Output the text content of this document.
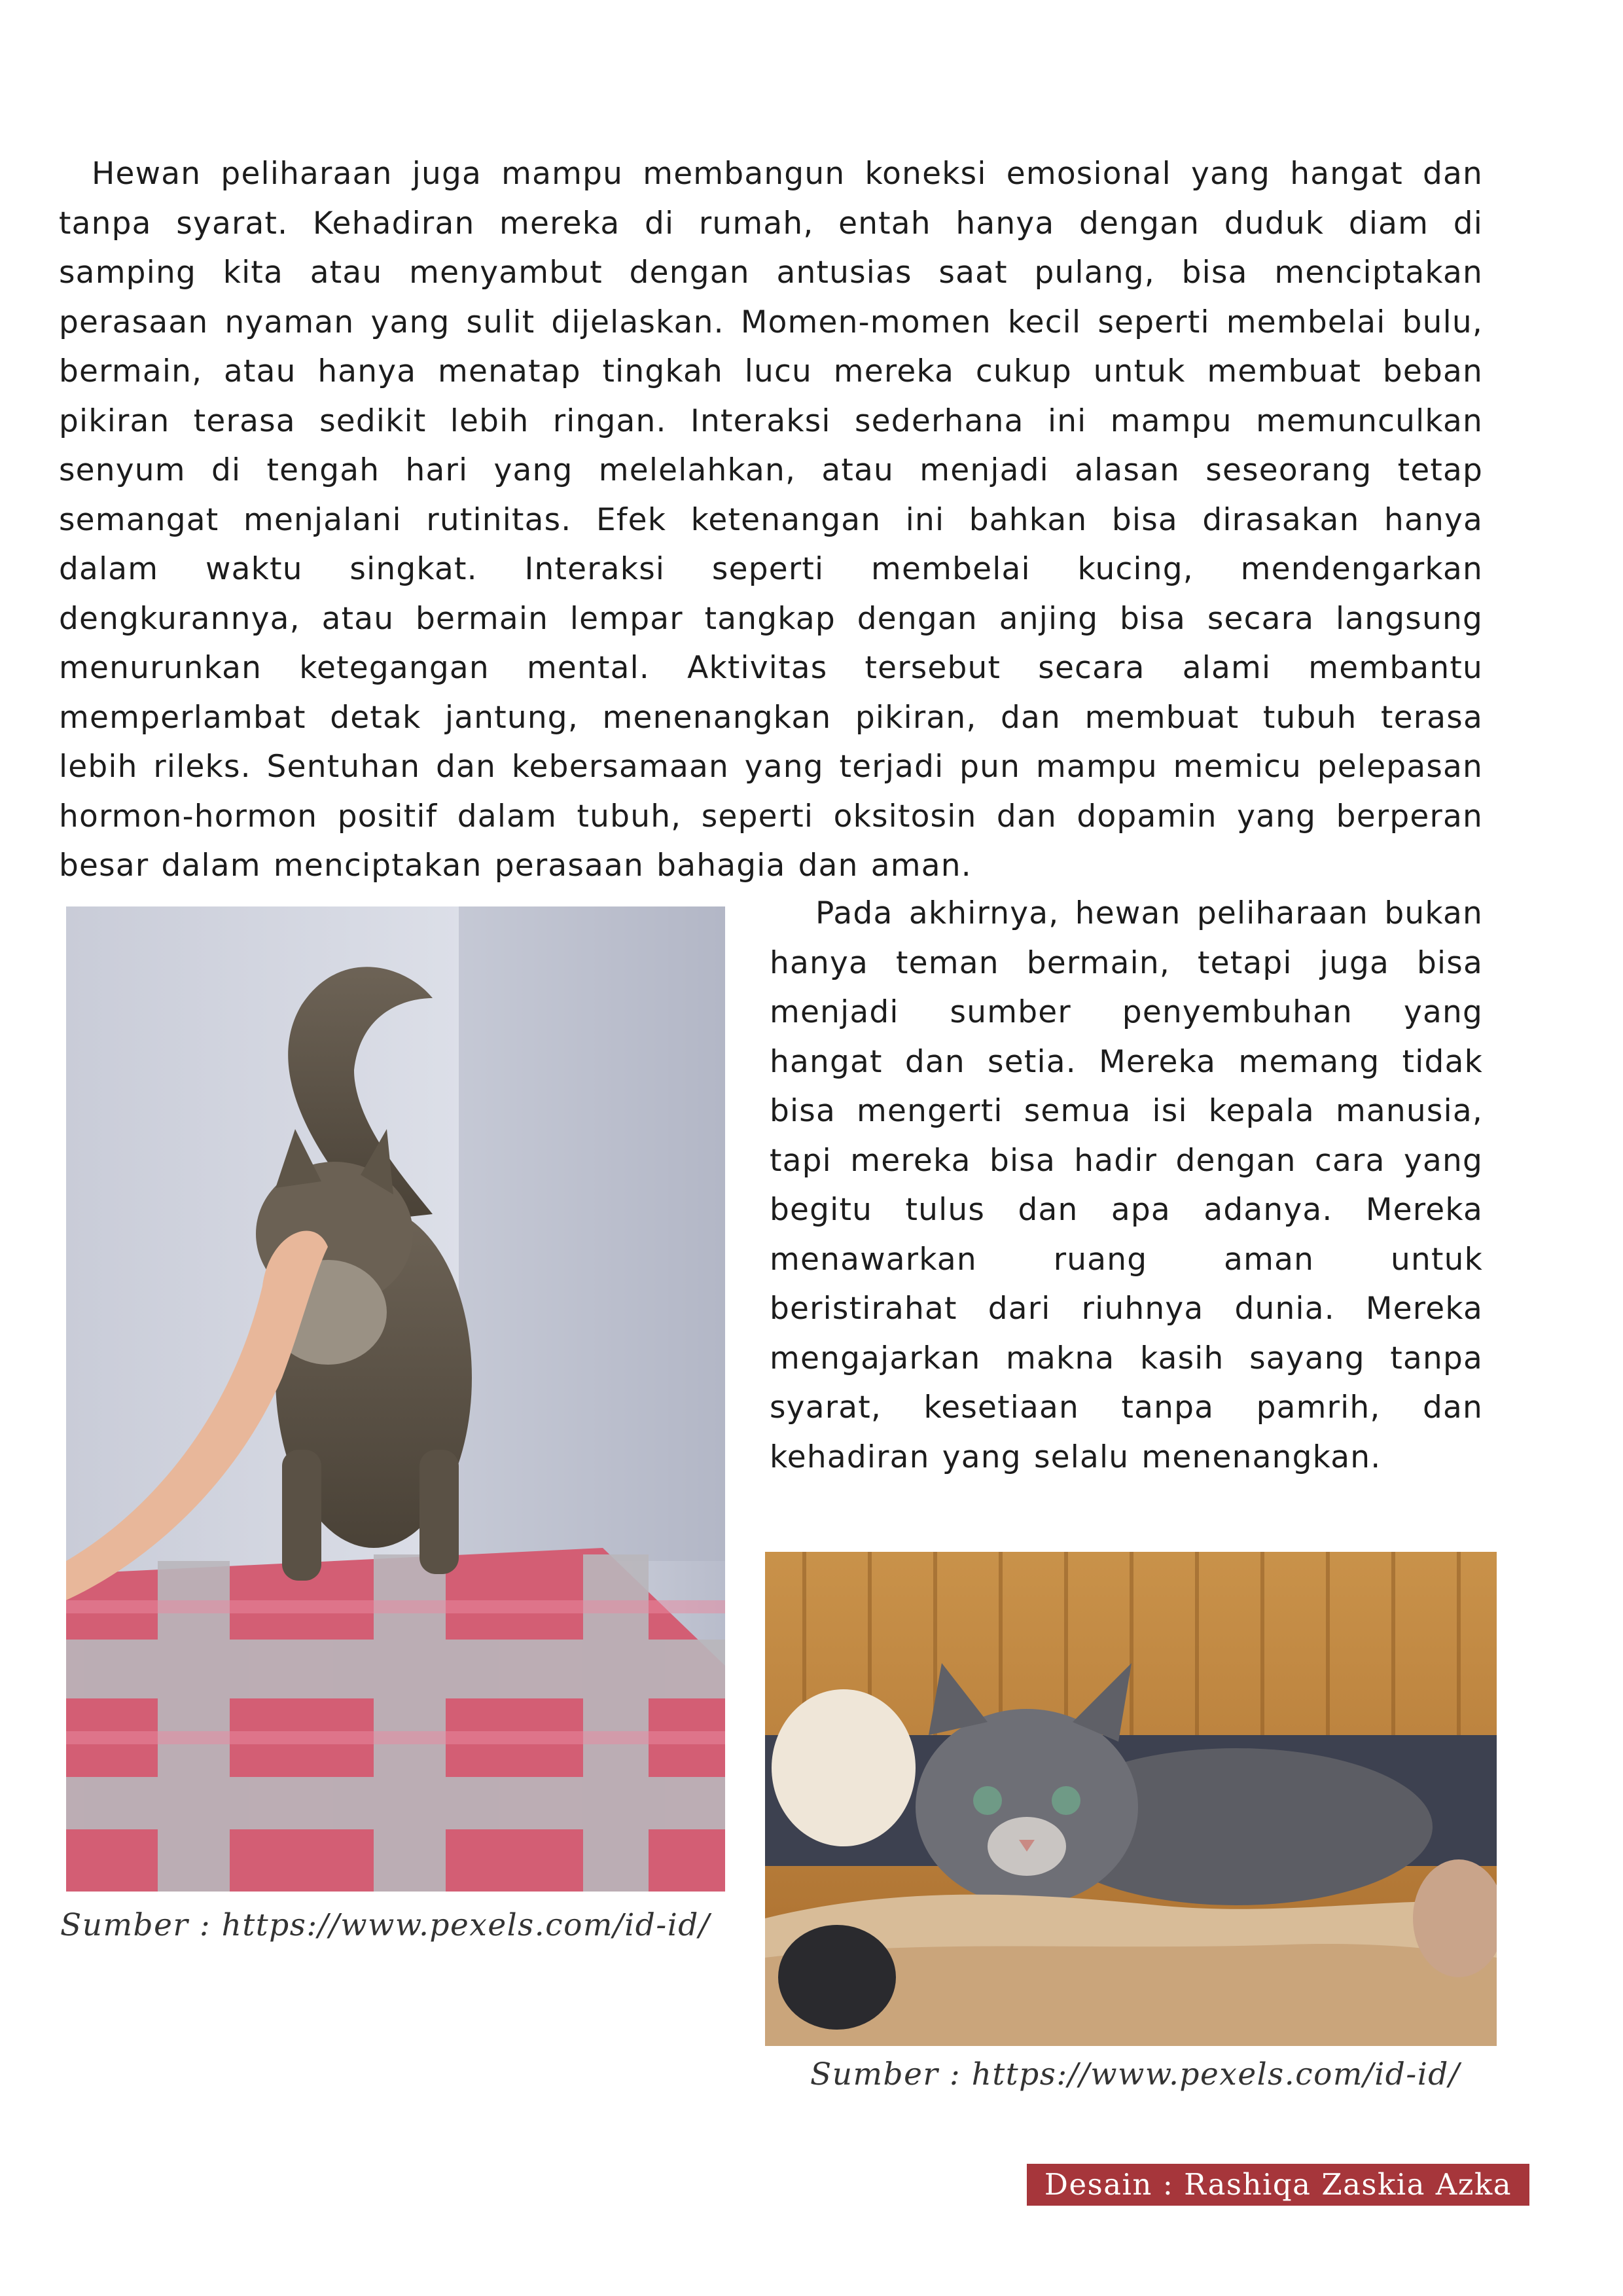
Hewan peliharaan juga mampu membangun koneksi emosional yang hangat dan tanpa syarat. Kehadiran mereka di rumah, entah hanya dengan duduk diam di samping kita atau menyambut dengan antusias saat pulang, bisa menciptakan perasaan nyaman yang sulit dijelaskan. Momen-momen kecil seperti membelai bulu, bermain, atau hanya menatap tingkah lucu mereka cukup untuk membuat beban pikiran terasa sedikit lebih ringan. Interaksi sederhana ini mampu memunculkan senyum di tengah hari yang melelahkan, atau menjadi alasan seseorang tetap semangat menjalani rutinitas. Efek ketenangan ini bahkan bisa dirasakan hanya dalam waktu singkat. Interaksi seperti membelai kucing, mendengarkan dengkurannya, atau bermain lempar tangkap dengan anjing bisa secara langsung menurunkan ketegangan mental. Aktivitas tersebut secara alami membantu memperlambat detak jantung, menenangkan pikiran, dan membuat tubuh terasa lebih rileks. Sentuhan dan kebersamaan yang terjadi pun mampu memicu pelepasan hormon-hormon positif dalam tubuh, seperti oksitosin dan dopamin yang berperan besar dalam menciptakan perasaan bahagia dan aman.

Sumber : https://www.pexels.com/id-id/

Pada akhirnya, hewan peliharaan bukan hanya teman bermain, tetapi juga bisa menjadi sumber penyembuhan yang hangat dan setia. Mereka memang tidak bisa mengerti semua isi kepala manusia, tapi mereka bisa hadir dengan cara yang begitu tulus dan apa adanya. Mereka menawarkan ruang aman untuk beristirahat dari riuhnya dunia. Mereka mengajarkan makna kasih sayang tanpa syarat, kesetiaan tanpa pamrih, dan kehadiran yang selalu menenangkan.

Sumber : https://www.pexels.com/id-id/
Desain : Rashiqa Zaskia Azka
